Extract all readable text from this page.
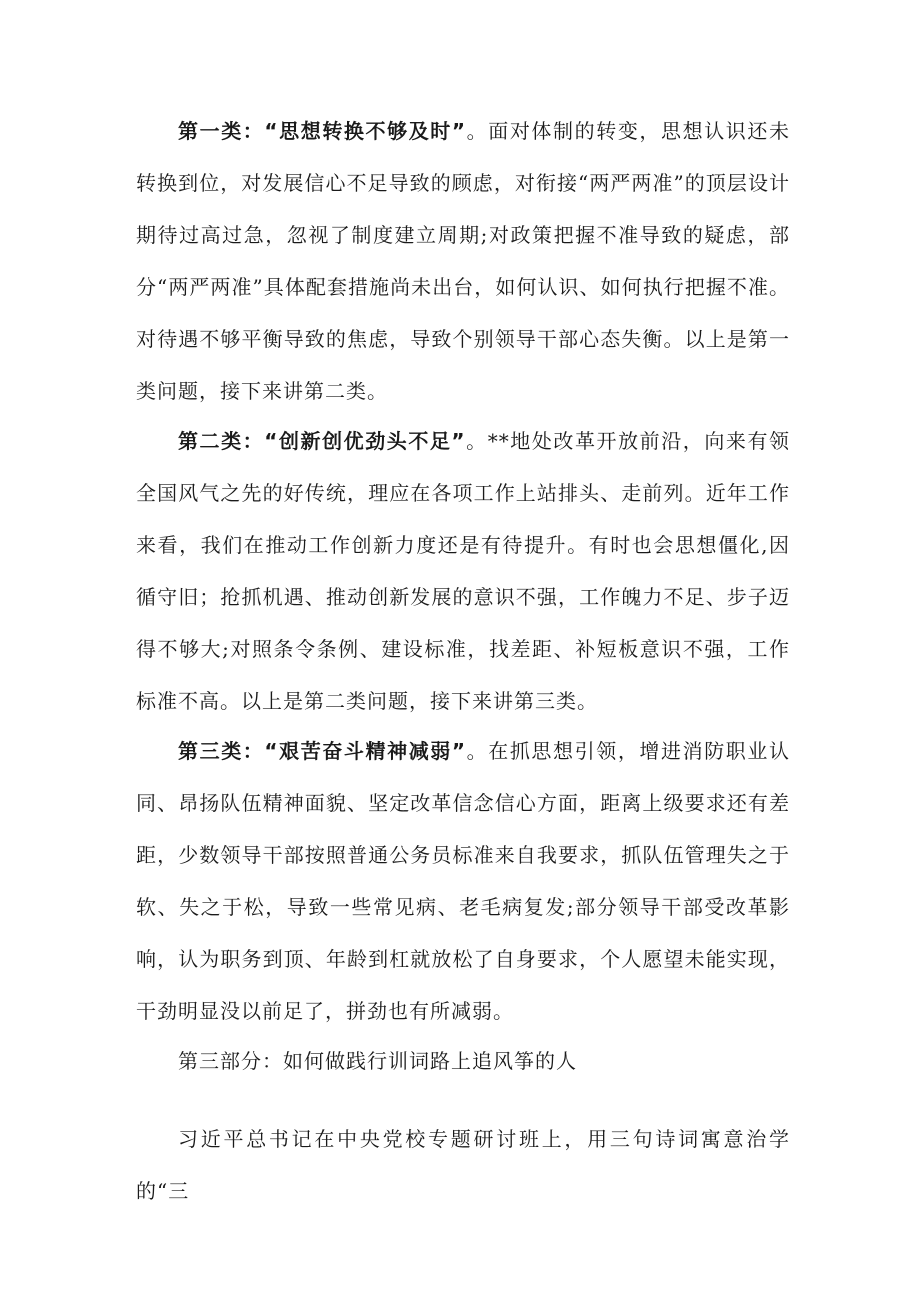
第一类：“思想转换不够及时”。面对体制的转变，思想认识还未转换到位，对发展信心不足导致的顾虑，对衔接“两严两准”的顶层设计期待过高过急，忽视了制度建立周期;对政策把握不准导致的疑虑，部分“两严两准”具体配套措施尚未出台，如何认识、如何执行把握不准。对待遇不够平衡导致的焦虑，导致个别领导干部心态失衡。以上是第一类问题，接下来讲第二类。

第二类：“创新创优劲头不足”。**地处改革开放前沿，向来有领全国风气之先的好传统，理应在各项工作上站排头、走前列。近年工作来看，我们在推动工作创新力度还是有待提升。有时也会思想僵化,因循守旧；抢抓机遇、推动创新发展的意识不强，工作魄力不足、步子迈得不够大;对照条令条例、建设标准，找差距、补短板意识不强，工作标准不高。以上是第二类问题，接下来讲第三类。

第三类：“艰苦奋斗精神减弱”。在抓思想引领，增进消防职业认同、昂扬队伍精神面貌、坚定改革信念信心方面，距离上级要求还有差距，少数领导干部按照普通公务员标准来自我要求，抓队伍管理失之于软、失之于松，导致一些常见病、老毛病复发;部分领导干部受改革影响，认为职务到顶、年龄到杠就放松了自身要求，个人愿望未能实现，干劲明显没以前足了，拼劲也有所减弱。

第三部分：如何做践行训词路上追风筝的人

习近平总书记在中央党校专题研讨班上，用三句诗词寓意治学的“三
